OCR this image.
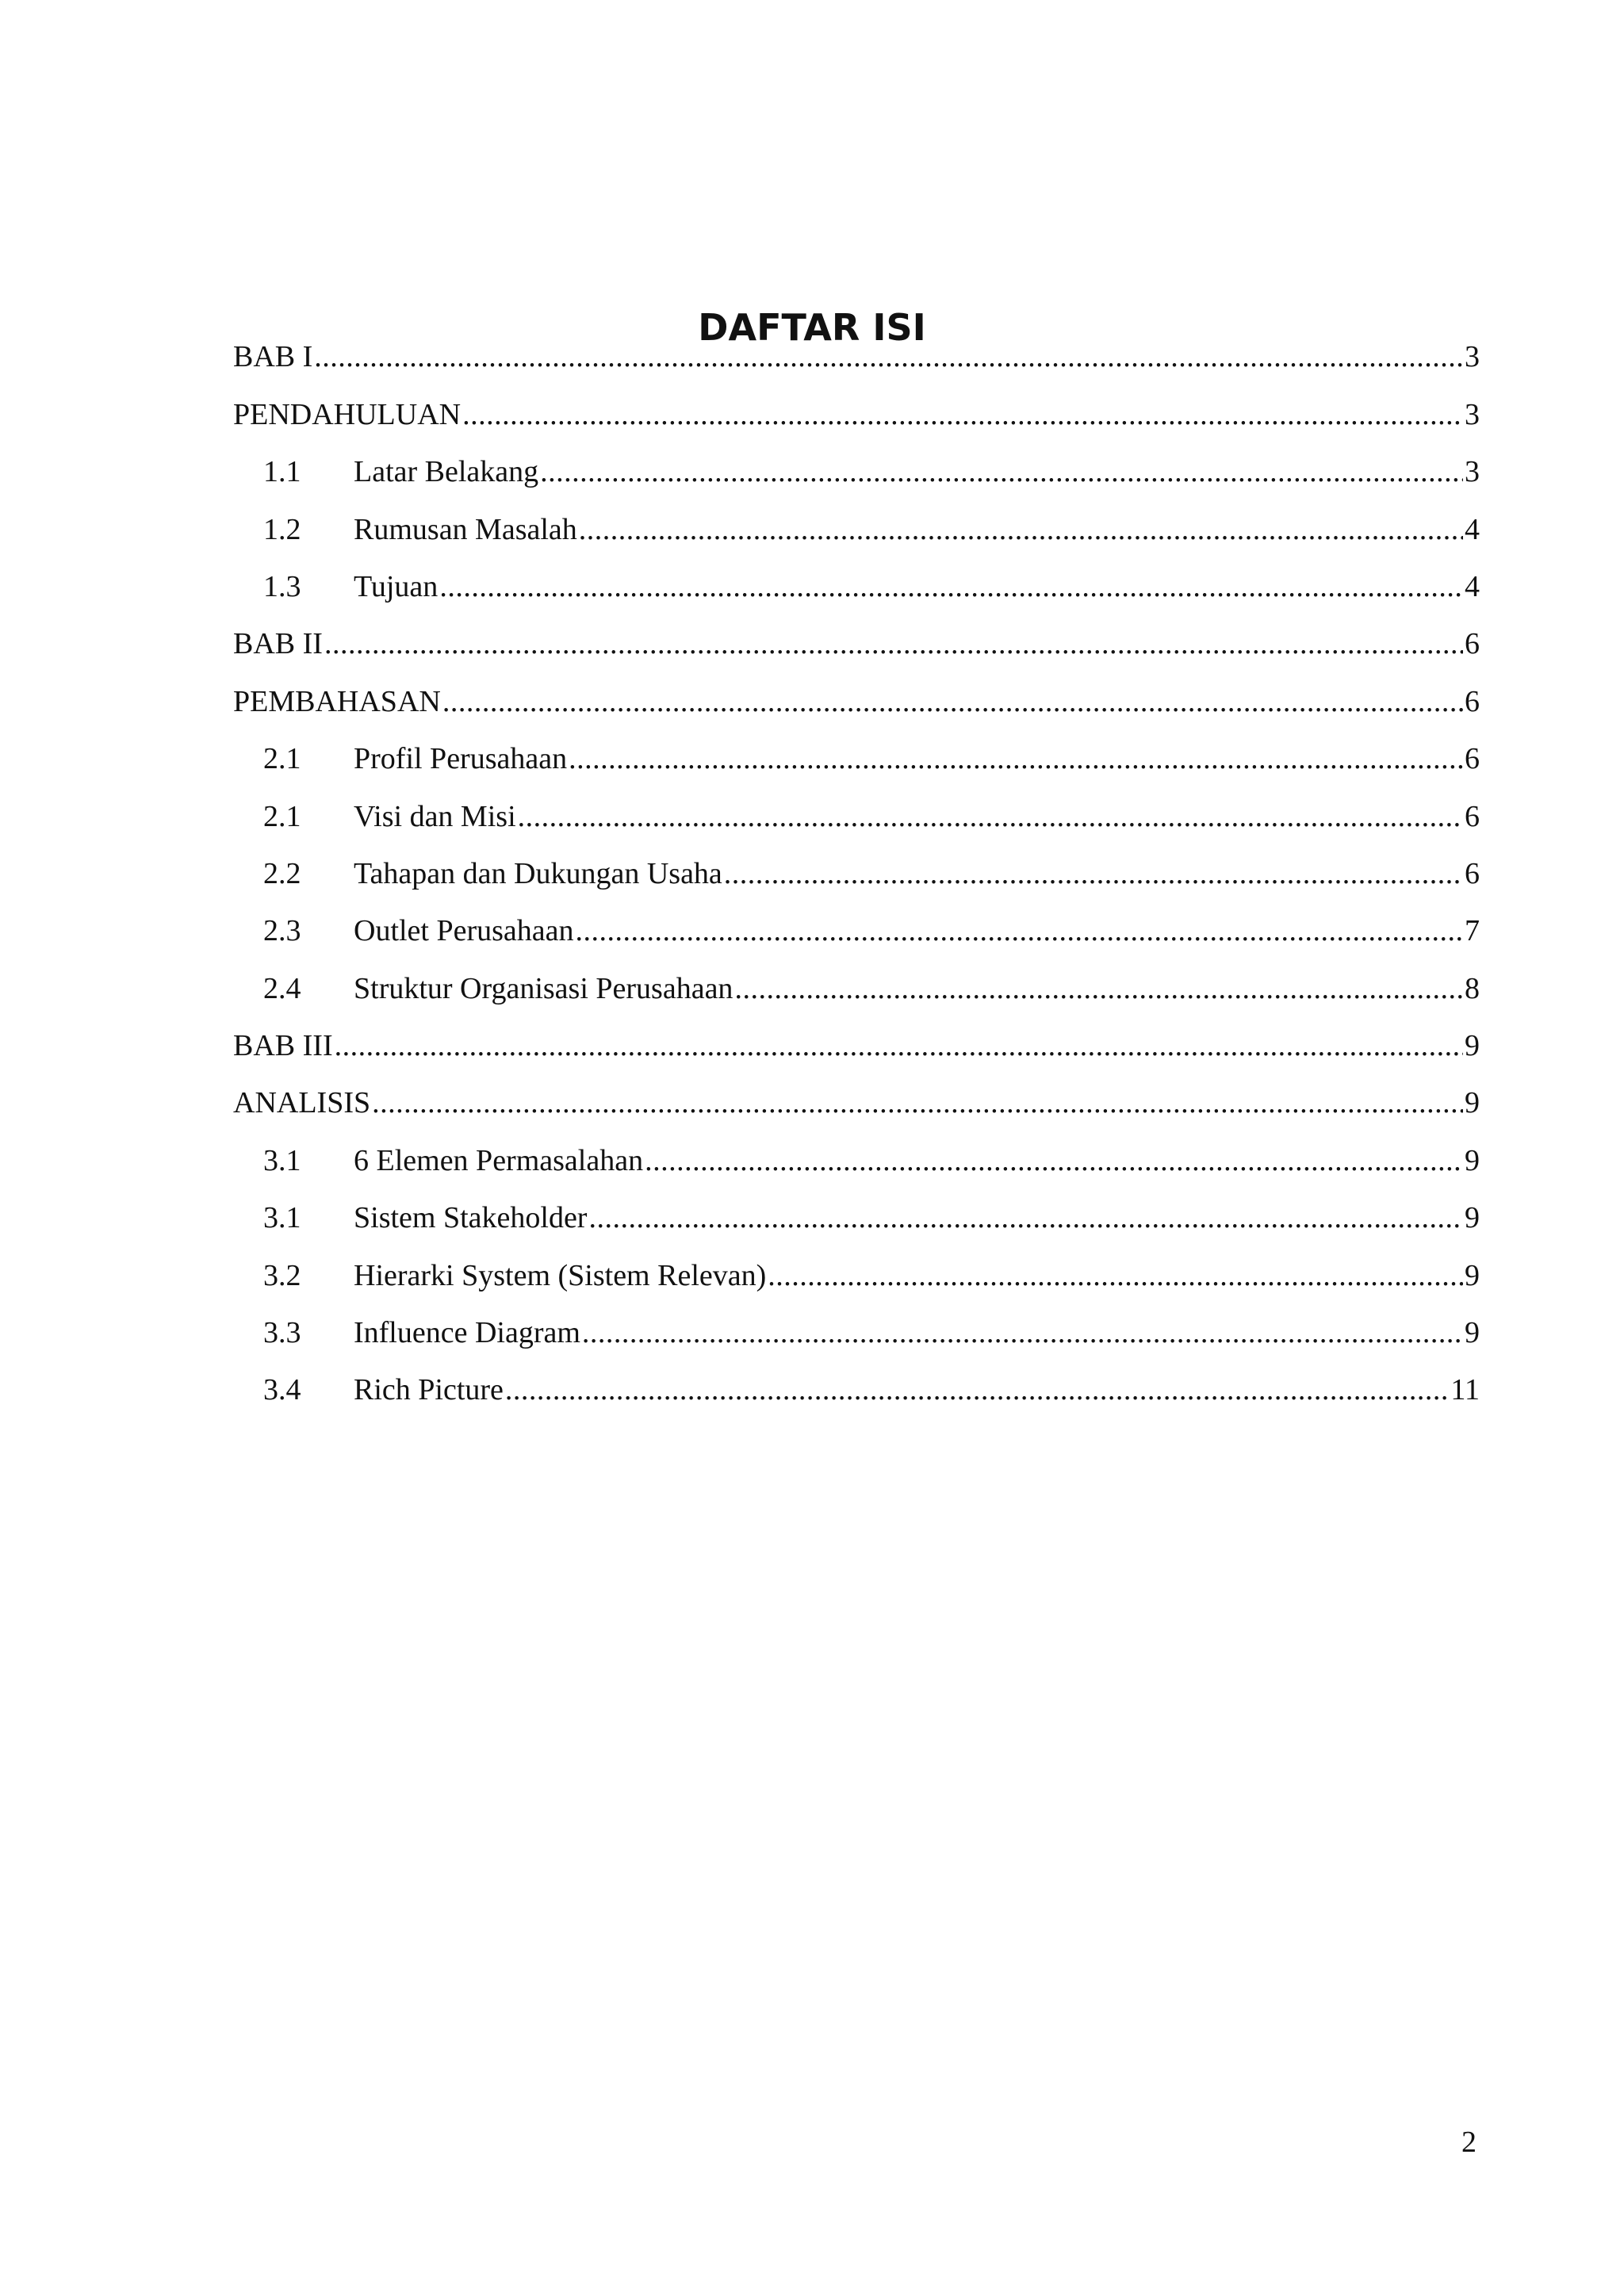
DAFTAR ISI
BAB I .....	3
PENDAHULUAN .....	3
1.1	Latar Belakang .....	3
1.2	Rumusan Masalah .....	4
1.3	Tujuan .....	4
BAB II .....	6
PEMBAHASAN .....	6
2.1	Profil Perusahaan .....	6
2.1	Visi dan Misi .....	6
2.2	Tahapan dan Dukungan Usaha .....	6
2.3	Outlet Perusahaan .....	7
2.4	Struktur Organisasi Perusahaan .....	8
BAB III .....	9
ANALISIS .....	9
3.1	6 Elemen Permasalahan .....	9
3.1	Sistem Stakeholder .....	9
3.2	Hierarki System (Sistem Relevan) .....	9
3.3	Influence Diagram .....	9
3.4	Rich Picture .....	11
2
